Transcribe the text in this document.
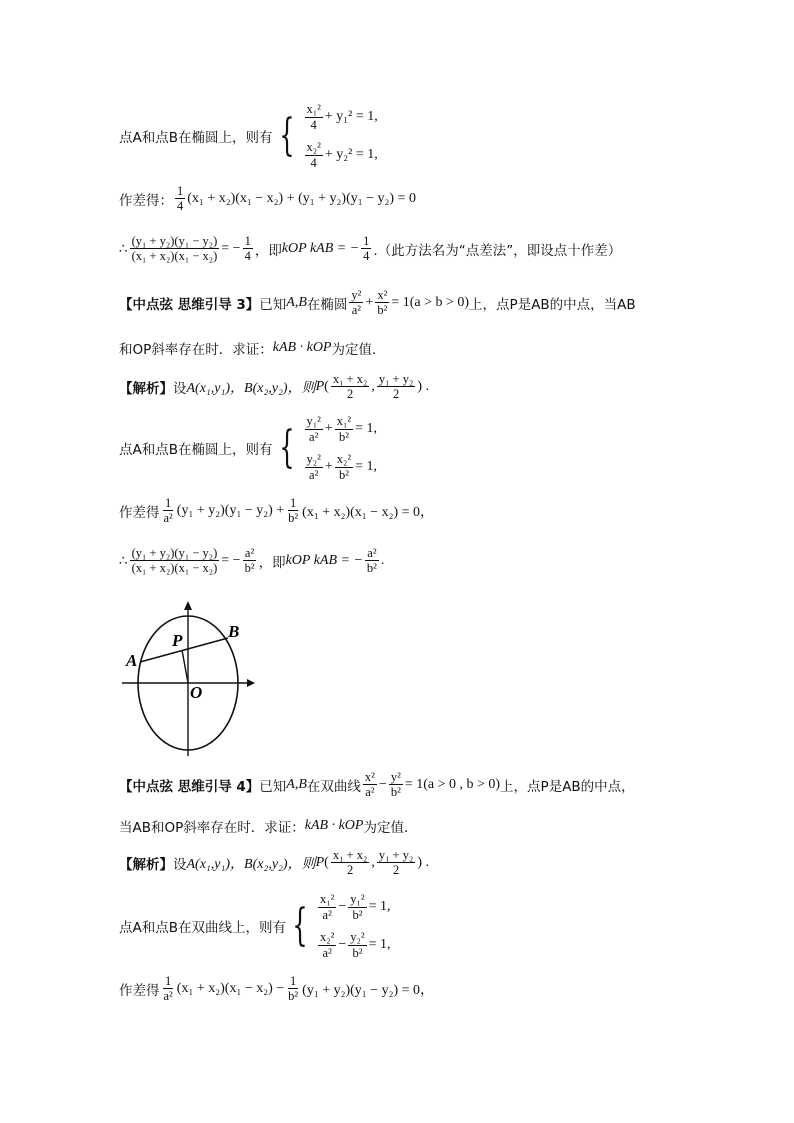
点A和点B在椭圆上，则有 { $\frac{\text{x₁²}}{4} + y_1^2 = 1$,
$\frac{\text{x₂²}}{4} + y_2^2 = 1$,
作差得： $\frac{1}{4} (x_1 + x_2)(x_1 - x_2) + (y_1 + y_2)(y_1 - y_2) = 0$
∴ $\frac{\text{(y₁ + y₂)(y₁ − y₂)}}{\text{(x₁ + x₂)(x₁ − x₂)}}$ = − $\frac{1}{4}$ ，即 kOP kAB = − $\frac{1}{4}$ .（此方法名为“点差法”，即设点十作差）
【中点弦 思维引导 3】 已知 A,B 在椭圆 $\frac{\text{y²}}{\text{a²}} + \frac{\text{x²}}{\text{b²}} = 1(a > b > 0)$ 上，点P是AB的中点，当AB
和OP斜率存在时．求证： kAB · kOP 为定值．
【解析】 设 A(x₁,y₁)，B(x₂,y₂)，则 P ( $\frac{\text{x₁ + x₂}}{2}$ , $\frac{\text{y₁ + y₂}}{2}$ ) .
点A和点B在椭圆上，则有 { $\frac{\text{y₁²}}{\text{a²}} + \frac{\text{x₁²}}{\text{b²}} = 1$,
$\frac{\text{y₂²}}{\text{a²}} + \frac{\text{x₂²}}{\text{b²}} = 1$,
作差得 $\frac{1}{\text{a²}} (y_1 + y_2)(y_1 - y_2) + \frac{1}{\text{b²}} (x_1 + x_2)(x_1 - x_2) = 0$，
∴ $\frac{\text{(y₁ + y₂)(y₁ − y₂)}}{\text{(x₁ + x₂)(x₁ − x₂)}}$ = − $\frac{\text{a²}}{\text{b²}}$ ，即 kOP kAB = − $\frac{\text{a²}}{\text{b²}}$ .
A
B
P
O
【中点弦 思维引导 4】 已知 A,B 在双曲线 $\frac{\text{x²}}{\text{a²}} - \frac{\text{y²}}{\text{b²}} = 1(a > 0$ , b > 0) 上，点P是AB的中点，
当AB和OP斜率存在时．求证： kAB · kOP 为定值．
【解析】 设 A(x₁,y₁)，B(x₂,y₂)，则 P ( $\frac{\text{x₁ + x₂}}{2}$ , $\frac{\text{y₁ + y₂}}{2}$ ) .
点A和点B在双曲线上，则有 { $\frac{\text{x₁²}}{\text{a²}} - \frac{\text{y₁²}}{\text{b²}} = 1$,
$\frac{\text{x₂²}}{\text{a²}} - \frac{\text{y₂²}}{\text{b²}} = 1$,
作差得 $\frac{1}{\text{a²}} (x_1 + x_2)(x_1 - x_2) - \frac{1}{\text{b²}} (y_1 + y_2)(y_1 - y_2) = 0$，
